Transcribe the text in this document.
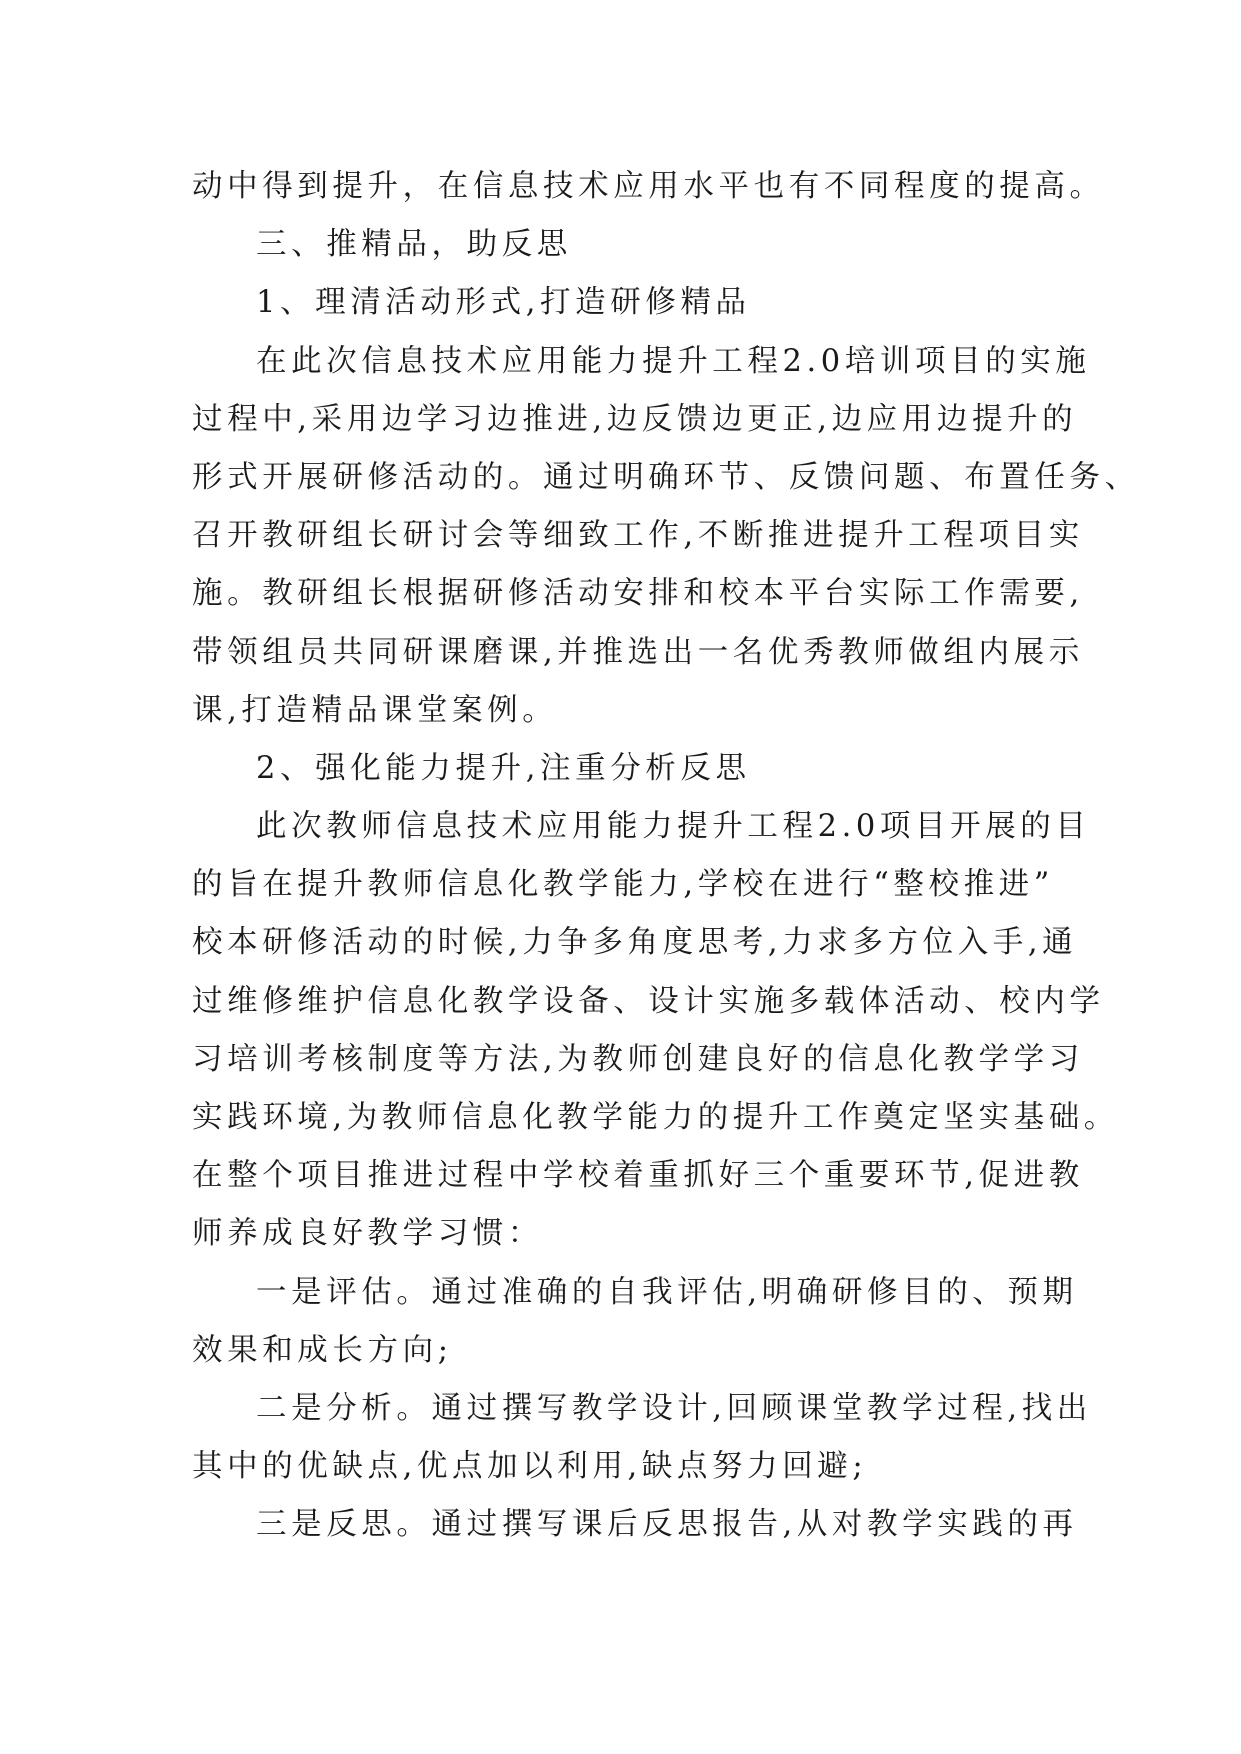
动中得到提升，在信息技术应用水平也有不同程度的提高。
三、推精品，助反思
1、理清活动形式,打造研修精品
在此次信息技术应用能力提升工程2.0培训项目的实施
过程中,采用边学习边推进,边反馈边更正,边应用边提升的
形式开展研修活动的。通过明确环节、反馈问题、布置任务、
召开教研组长研讨会等细致工作,不断推进提升工程项目实
施。教研组长根据研修活动安排和校本平台实际工作需要,
带领组员共同研课磨课,并推选出一名优秀教师做组内展示
课,打造精品课堂案例。
2、强化能力提升,注重分析反思
此次教师信息技术应用能力提升工程2.0项目开展的目
的旨在提升教师信息化教学能力,学校在进行“整校推进”
校本研修活动的时候,力争多角度思考,力求多方位入手,通
过维修维护信息化教学设备、设计实施多载体活动、校内学
习培训考核制度等方法,为教师创建良好的信息化教学学习
实践环境,为教师信息化教学能力的提升工作奠定坚实基础。
在整个项目推进过程中学校着重抓好三个重要环节,促进教
师养成良好教学习惯：
一是评估。通过准确的自我评估,明确研修目的、预期
效果和成长方向;
二是分析。通过撰写教学设计,回顾课堂教学过程,找出
其中的优缺点,优点加以利用,缺点努力回避;
三是反思。通过撰写课后反思报告,从对教学实践的再
